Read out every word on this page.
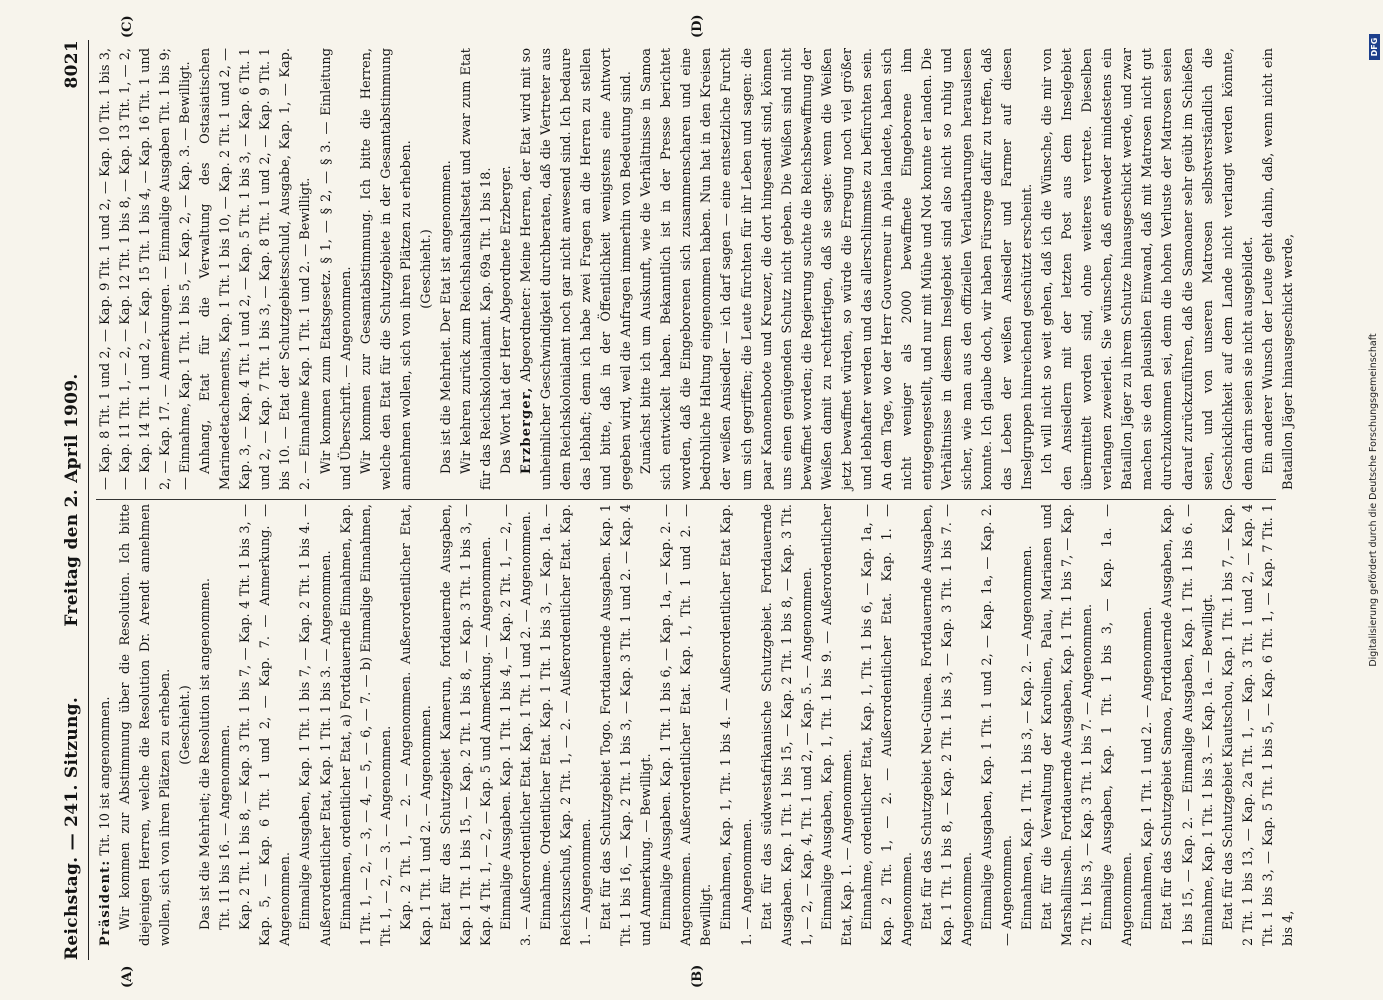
Reichstag. — 241. Sitzung.
Freitag den 2. April 1909.
8021
(A)	(B)
(C)	(D)

Präsident: Tit. 10 ist angenommen. Wir kommen zur Abstimmung über die Resolution. Ich bitte diejenigen Herren, welche die Resolution Dr. Arendt annehmen wollen, sich von ihren Plätzen zu erheben. (Geschieht.) Das ist die Mehrheit; die Resolution ist angenommen. Tit. 11 bis 16. — Angenommen. Kap. 2 Tit. 1 bis 8, — Kap. 3 Tit. 1 bis 7, — Kap. 4 Tit. 1 bis 3, — Kap. 5, — Kap. 6 Tit. 1 und 2, — Kap. 7. — Anmerkung. — Angenommen. Einmalige Ausgaben, Kap. 1 Tit. 1 bis 7, — Kap. 2 Tit. 1 bis 4. — Außerordentlicher Etat, Kap. 1 Tit. 1 bis 3. — Angenommen. Einnahmen, ordentlicher Etat, a) Fortdauernde Einnahmen, Kap. 1 Tit. 1, — 2, — 3, — 4, — 5, — 6, — 7. — b) Einmalige Einnahmen, Tit. 1, — 2, — 3. — Angenommen. Kap. 2 Tit. 1, — 2. — Angenommen. Außerordentlicher Etat, Kap. 1 Tit. 1 und 2. — Angenommen. Etat für das Schutzgebiet Kamerun, fortdauernde Ausgaben, Kap. 1 Tit. 1 bis 15, — Kap. 2 Tit. 1 bis 8, — Kap. 3 Tit. 1 bis 3, — Kap. 4 Tit. 1, — 2, — Kap. 5 und Anmerkung. — Angenommen. Einmalige Ausgaben. Kap. 1 Tit. 1 bis 4, — Kap. 2 Tit. 1, — 2, — 3. — Außerordentlicher Etat. Kap. 1 Tit. 1 und 2. — Angenommen. Einnahme. Ordentlicher Etat. Kap. 1 Tit. 1 bis 3, — Kap. 1a. — Reichszuschuß, Kap. 2 Tit. 1, — 2. — Außerordentlicher Etat. Kap. 1. — Angenommen. Etat für das Schutzgebiet Togo. Fortdauernde Ausgaben. Kap. 1 Tit. 1 bis 16, — Kap. 2 Tit. 1 bis 3, — Kap. 3 Tit. 1 und 2. — Kap. 4 und Anmerkung. — Bewilligt. Einmalige Ausgaben. Kap. 1 Tit. 1 bis 6, — Kap. 1a, — Kap. 2. — Angenommen. Außerordentlicher Etat. Kap. 1, Tit. 1 und 2. — Bewilligt. Einnahmen, Kap. 1, Tit. 1 bis 4. — Außerordentlicher Etat Kap. 1. — Angenommen. Etat für das südwestafrikanische Schutzgebiet. Fortdauernde Ausgaben. Kap. 1 Tit. 1 bis 15, — Kap. 2 Tit. 1 bis 8, — Kap. 3 Tit. 1, — 2, — Kap. 4, Tit. 1 und 2, — Kap. 5. — Angenommen. Einmalige Ausgaben, Kap. 1, Tit. 1 bis 9. — Außerordentlicher Etat, Kap. 1. — Angenommen. Einnahme, ordentlicher Etat, Kap. 1, Tit. 1 bis 6, — Kap. 1a, — Kap. 2 Tit. 1, — 2. — Außerordentlicher Etat. Kap. 1. — Angenommen. Etat für das Schutzgebiet Neu-Guinea. Fortdauernde Ausgaben, Kap. 1 Tit. 1 bis 8, — Kap. 2 Tit. 1 bis 3, — Kap. 3 Tit. 1 bis 7. — Angenommen. Einmalige Ausgaben, Kap. 1 Tit. 1 und 2, — Kap. 1a, — Kap. 2. — Angenommen. Einnahmen, Kap. 1 Tit. 1 bis 3, — Kap. 2. — Angenommen. Etat für die Verwaltung der Karolinen, Palau, Marianen und Marshallinseln. Fortdauernde Ausgaben, Kap. 1 Tit. 1 bis 7, — Kap. 2 Tit. 1 bis 3, — Kap. 3 Tit. 1 bis 7. — Angenommen. Einmalige Ausgaben, Kap. 1 Tit. 1 bis 3, — Kap. 1a. — Angenommen. Einnahmen, Kap. 1 Tit. 1 und 2. — Angenommen. Etat für das Schutzgebiet Samoa, Fortdauernde Ausgaben, Kap. 1 bis 15, — Kap. 2. — Einmalige Ausgaben, Kap. 1 Tit. 1 bis 6. — Einnahme, Kap. 1 Tit. 1 bis 3. — Kap. 1a. — Bewilligt. Etat für das Schutzgebiet Kiautschou, Kap. 1 Tit. 1 bis 7, — Kap. 2 Tit. 1 bis 13, — Kap. 2a Tit. 1, — Kap. 3 Tit. 1 und 2, — Kap. 4 Tit. 1 bis 3, — Kap. 5 Tit. 1 bis 5, — Kap. 6 Tit. 1, — Kap. 7 Tit. 1 bis 4,

— Kap. 8 Tit. 1 und 2, — Kap. 9 Tit. 1 und 2, — Kap. 10 Tit. 1 bis 3, — Kap. 11 Tit. 1, — 2, — Kap. 12 Tit. 1 bis 8, — Kap. 13 Tit. 1, — 2, — Kap. 14 Tit. 1 und 2, — Kap. 15 Tit. 1 bis 4, — Kap. 16 Tit. 1 und 2, — Kap. 17. — Anmerkungen. — Einmalige Ausgaben Tit. 1 bis 9; — Einnahme, Kap. 1 Tit. 1 bis 5, — Kap. 2, — Kap. 3. — Bewilligt. Anhang, Etat für die Verwaltung des Ostasiatischen Marinedetachements, Kap. 1 Tit. 1 bis 10, — Kap. 2 Tit. 1 und 2, — Kap. 3, — Kap. 4 Tit. 1 und 2, — Kap. 5 Tit. 1 bis 3, — Kap. 6 Tit. 1 und 2, — Kap. 7 Tit. 1 bis 3, — Kap. 8 Tit. 1 und 2, — Kap. 9 Tit. 1 bis 10. — Etat der Schutzgebietsschuld, Ausgabe, Kap. 1, — Kap. 2. — Einnahme Kap. 1 Tit. 1 und 2. — Bewilligt. Wir kommen zum Etatsgesetz. § 1, — § 2, — § 3. — Einleitung und Überschrift. — Angenommen. Wir kommen zur Gesamtabstimmung. Ich bitte die Herren, welche den Etat für die Schutzgebiete in der Gesamtabstimmung annehmen wollen, sich von ihren Plätzen zu erheben. (Geschieht.) Das ist die Mehrheit. Der Etat ist angenommen. Wir kehren zurück zum Reichshaushaltsetat und zwar zum Etat für das Reichskolonialamt. Kap. 69a Tit. 1 bis 18. Das Wort hat der Herr Abgeordnete Erzberger. Erzberger, Abgeordneter: Meine Herren, der Etat wird mit so unheimlicher Geschwindigkeit durchberaten, daß die Vertreter aus dem Reichskolonialamt noch gar nicht anwesend sind. Ich bedaure das lebhaft; denn ich habe zwei Fragen an die Herren zu stellen und bitte, daß in der Öffentlichkeit wenigstens eine Antwort gegeben wird, weil die Anfragen immerhin von Bedeutung sind. Zunächst bitte ich um Auskunft, wie die Verhältnisse in Samoa sich entwickelt haben. Bekanntlich ist in der Presse berichtet worden, daß die Eingeborenen sich zusammenscharen und eine bedrohliche Haltung eingenommen haben. Nun hat in den Kreisen der weißen Ansiedler — ich darf sagen — eine entsetzliche Furcht um sich gegriffen; die Leute fürchten für ihr Leben und sagen: die paar Kanonenboote und Kreuzer, die dort hingesandt sind, können uns einen genügenden Schutz nicht geben. Die Weißen sind nicht bewaffnet worden; die Regierung suchte die Reichsbewaffnung der Weißen damit zu rechtfertigen, daß sie sagte: wenn die Weißen jetzt bewaffnet würden, so würde die Erregung noch viel größer und lebhafter werden und das allerschlimmste zu befürchten sein. An dem Tage, wo der Herr Gouverneur in Apia landete, haben sich nicht weniger als 2000 bewaffnete Eingeborene ihm entgegengestellt, und nur mit Mühe und Not konnte er landen. Die Verhältnisse in diesem Inselgebiet sind also nicht so ruhig und sicher, wie man aus den offiziellen Verlautbarungen herauslesen konnte. Ich glaube doch, wir haben Fürsorge dafür zu treffen, daß das Leben der weißen Ansiedler und Farmer auf diesen Inselgruppen hinreichend geschützt erscheint. Ich will nicht so weit gehen, daß ich die Wünsche, die mir von den Ansiedlern mit der letzten Post aus dem Inselgebiet übermittelt worden sind, ohne weiteres vertrete. Dieselben verlangen zweierlei. Sie wünschen, daß entweder mindestens ein Bataillon Jäger zu ihrem Schutze hinausgeschickt werde, und zwar machen sie den plausiblen Einwand, daß mit Matrosen nicht gut durchzukommen sei, denn die hohen Verluste der Matrosen seien darauf zurückzuführen, daß die Samoaner sehr geübt im Schießen seien, und von unseren Matrosen selbstverständlich die Geschicklichkeit auf dem Lande nicht verlangt werden könnte, denn darin seien sie nicht ausgebildet. Ein anderer Wunsch der Leute geht dahin, daß, wenn nicht ein Bataillon Jäger hinausgeschickt werde,	Digitalisierung gefördert durch die Deutsche Forschungsgemeinschaft
DFG
